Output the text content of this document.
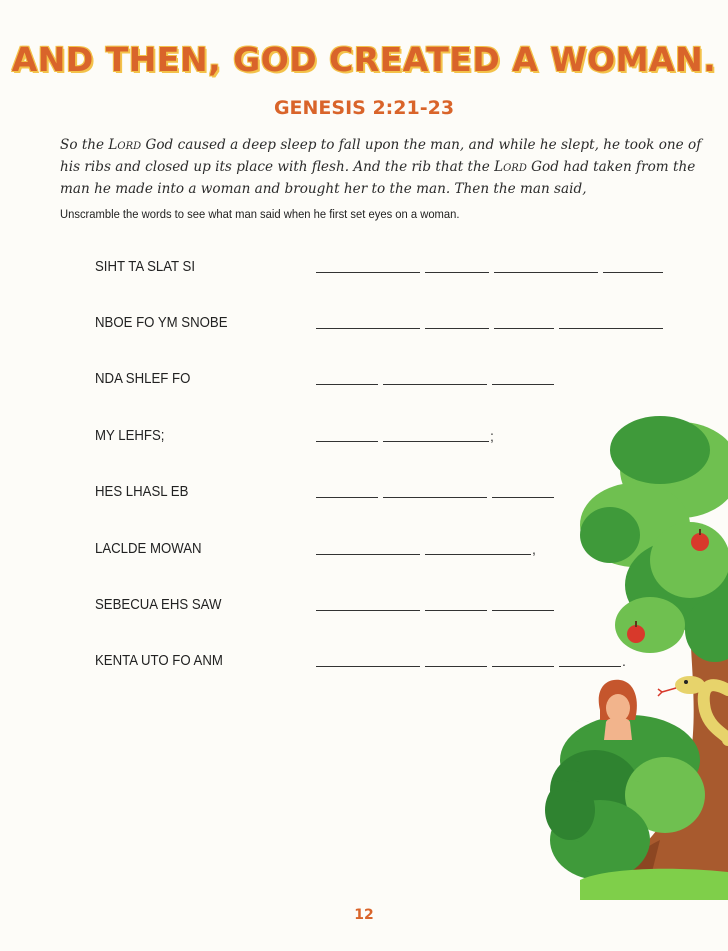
AND THEN, GOD CREATED A WOMAN.
GENESIS 2:21-23
So the Lord God caused a deep sleep to fall upon the man, and while he slept, he took one of his ribs and closed up its place with flesh. And the rib that the Lord God had taken from the man he made into a woman and brought her to the man. Then the man said,
Unscramble the words to see what man said when he first set eyes on a woman.
SIHT TA SLAT SI
NBOE FO YM SNOBE
NDA SHLEF FO
MY LEHFS;	;
HES LHASL EB
LACLDE MOWAN	,
SEBECUA EHS SAW
KENTA UTO FO ANM	.
12
